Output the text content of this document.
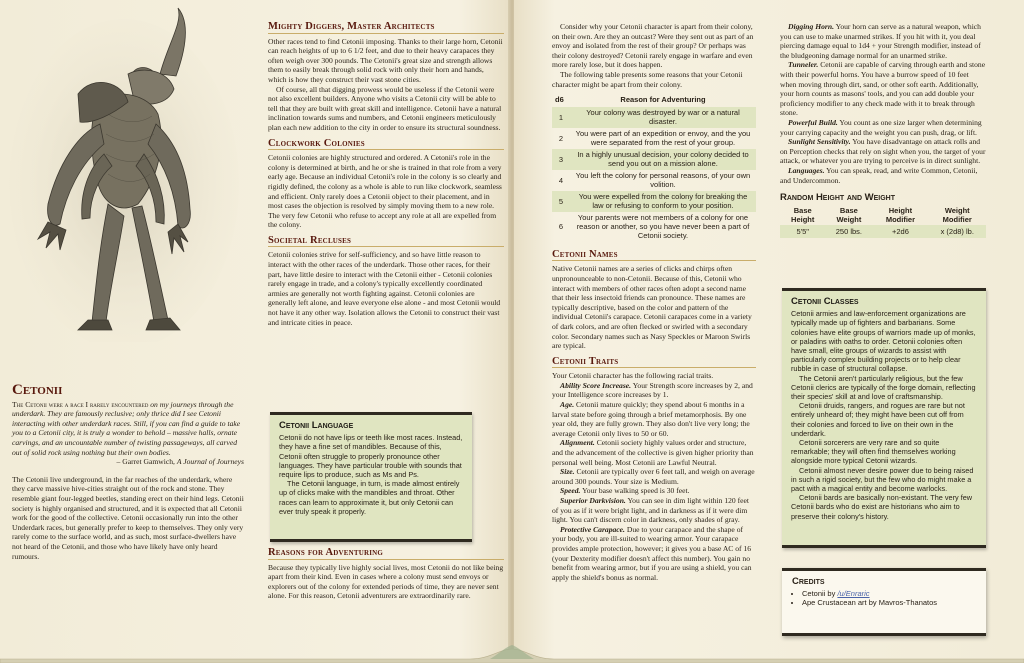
Cetonii

The Cetonii were a race I rarely encountered on my journeys through the underdark. They are famously reclusive; only thrice did I see Cetonii interacting with other underdark races. Still, if you can find a guide to take you to a Cetonii city, it is truly a wonder to behold – massive halls, ornate carvings, and an uncountable number of twisting passageways, all carved out of solid rock using nothing but their own bodies.

– Garret Gamwich, A Journal of Journeys

The Cetonii live underground, in the far reaches of the underdark, where they carve massive hive-cities straight out of the rock and stone. They resemble giant four-legged beetles, standing erect on their hind legs. Cetonii society is highly organised and structured, and it is expected that all Cetonii work for the good of the collective. Cetonii occasionally run into the other Underdark races, but generally prefer to keep to themselves. They only very rarely come to the surface world, and as such, most surface-dwellers have not heard of the Cetonii, and those who have likely have only heard rumours.

Mighty Diggers, Master Architects

Other races tend to find Cetonii imposing. Thanks to their large horn, Cetonii can reach heights of up to 6 1/2 feet, and due to their heavy carapaces they often weigh over 300 pounds. The Cetonii's great size and strength allows them to easily break through solid rock with only their horn and hands, which is how they construct their vast stone cities.

Of course, all that digging prowess would be useless if the Cetonii were not also excellent builders. Anyone who visits a Cetonii city will be able to tell that they are built with great skill and intelligence. Cetonii have a natural inclination towards sums and numbers, and Cetonii engineers meticulously plan each new addition to the city in order to ensure its structural soundness.

Clockwork Colonies

Cetonii colonies are highly structured and ordered. A Cetonii's role in the colony is determined at birth, and he or she is trained in that role from a very early age. Because an individual Cetonii's role in the colony is so clearly and rigidly defined, the colony as a whole is able to run like clockwork, seamless and efficient. Only rarely does a Cetonii object to their placement, and in most cases the objection is resolved by simply moving them to a new role. The very few Cetonii who refuse to accept any role at all are expelled from the colony.

Societal Recluses

Cetonii colonies strive for self-sufficiency, and so have little reason to interact with the other races of the underdark. Those other races, for their part, have little desire to interact with the Cetonii either - Cetonii colonies rarely engage in trade, and a colony's typically excellently coordinated armies are generally not worth fighting against. Cetonii colonies are generally left alone, and leave everyone else alone - and most Cetonii would not have it any other way. Isolation allows the Cetonii to construct their vast and intricate cities in peace.

Cetonii Language

Cetonii do not have lips or teeth like most races. Instead, they have a fine set of mandibles. Because of this, Cetonii often struggle to properly pronounce other languages. They have particular trouble with sounds that require lips to produce, such as Ms and Ps.

The Cetonii language, in turn, is made almost entirely up of clicks make with the mandibles and throat. Other races can learn to approximate it, but only Cetonii can ever truly speak it properly.

Reasons for Adventuring

Because they typically live highly social lives, most Cetonii do not like being apart from their kind. Even in cases where a colony must send envoys or explorers out of the colony for extended periods of time, they are never sent alone. For this reason, Cetonii adventurers are extraordinarily rare.

Consider why your Cetonii character is apart from their colony, on their own. Are they an outcast? Were they sent out as part of an envoy and isolated from the rest of their group? Or perhaps was their colony destroyed? Cetonii rarely engage in warfare and even more rarely lose, but it does happen.

The following table presents some reasons that your Cetonii character might be apart from their colony.

d6	Reason for Adventuring
1	Your colony was destroyed by war or a natural disaster.
2	You were part of an expedition or envoy, and the you were separated from the rest of your group.
3	In a highly unusual decision, your colony decided to send you out on a mission alone.
4	You left the colony for personal reasons, of your own volition.
5	You were expelled from the colony for breaking the law or refusing to conform to your position.
6	Your parents were not members of a colony for one reason or another, so you have never been a part of Cetonii society.
Cetonii Names

Native Cetonii names are a series of clicks and chirps often unpronounceable to non-Cetonii. Because of this, Cetonii who interact with members of other races often adopt a second name that their less insectoid friends can pronounce. These names are typically descriptive, based on the color and pattern of the individual Cetonii's carapace. Cetonii carapaces come in a variety of dark colors, and are often flecked or swirled with a secondary color. Secondary names such as Nasy Speckles or Maroon Swirls are typical.

Cetonii Traits

Your Cetonii character has the following racial traits.

Ability Score Increase. Your Strength score increases by 2, and your Intelligence score increases by 1.

Age. Cetonii mature quickly; they spend about 6 months in a larval state before going through a brief metamorphosis. By one year old, they are fully grown. They also don't live very long; the average Cetonii only lives to 50 or 60.

Alignment. Cetonii society highly values order and structure, and the advancement of the collective is given higher priority than personal well being. Most Cetonii are Lawful Neutral.

Size. Cetonii are typically over 6 feet tall, and weigh on average around 300 pounds. Your size is Medium.

Speed. Your base walking speed is 30 feet.

Superior Darkvision. You can see in dim light within 120 feet of you as if it were bright light, and in darkness as if it were dim light. You can't discern color in darkness, only shades of gray.

Protective Carapace. Due to your carapace and the shape of your body, you are ill-suited to wearing armor. Your carapace provides ample protection, however; it gives you a base AC of 16 (your Dexterity modifier doesn't affect this number). You gain no benefit from wearing armor, but if you are using a shield, you can apply the shield's bonus as normal.

Digging Horn. Your horn can serve as a natural weapon, which you can use to make unarmed strikes. If you hit with it, you deal piercing damage equal to 1d4 + your Strength modifier, instead of the bludgeoning damage normal for an unarmed strike.

Tunneler. Cetonii are capable of carving through earth and stone with their powerful horns. You have a burrow speed of 10 feet when moving through dirt, sand, or other soft earth. Additionally, your horn counts as masons' tools, and you can add double your proficiency modifier to any check made with it to break through stone.

Powerful Build. You count as one size larger when determining your carrying capacity and the weight you can push, drag, or lift.

Sunlight Sensitivity. You have disadvantage on attack rolls and on Perception checks that rely on sight when you, the target of your attack, or whatever you are trying to perceive is in direct sunlight.

Languages. You can speak, read, and write Common, Cetonii, and Undercommon.

Random Height and Weight
Base Height	Base Weight	Height Modifier	Weight Modifier
5'5"	250 lbs.	+2d6	x (2d8) lb.
Cetonii Classes

Cetonii armies and law-enforcement organizations are typically made up of fighters and barbarians. Some colonies have elite groups of warriors made up of monks, or paladins with oaths to order. Cetonii colonies often have small, elite groups of wizards to assist with particularly complex building projects or to help clear rubble in case of structural collapse.

The Cetonii aren't particularly religious, but the few Cetonii clerics are typically of the forge domain, reflecting their species' skill at and love of craftsmanship.

Cetonii druids, rangers, and rogues are rare but not entirely unheard of; they might have been cut off from their colonies and forced to live on their own in the underdark.

Cetonii sorcerers are very rare and so quite remarkable; they will often find themselves working alongside more typical Cetonii wizards.

Cetonii almost never desire power due to being raised in such a rigid society, but the few who do might make a pact with a magical entity and become warlocks.

Cetonii bards are basically non-existant. The very few Cetonii bards who do exist are historians who aim to preserve their colony's history.

Credits
• Cetonii by /u/Enraric
• Ape Crustacean art by Mavros-Thanatos
